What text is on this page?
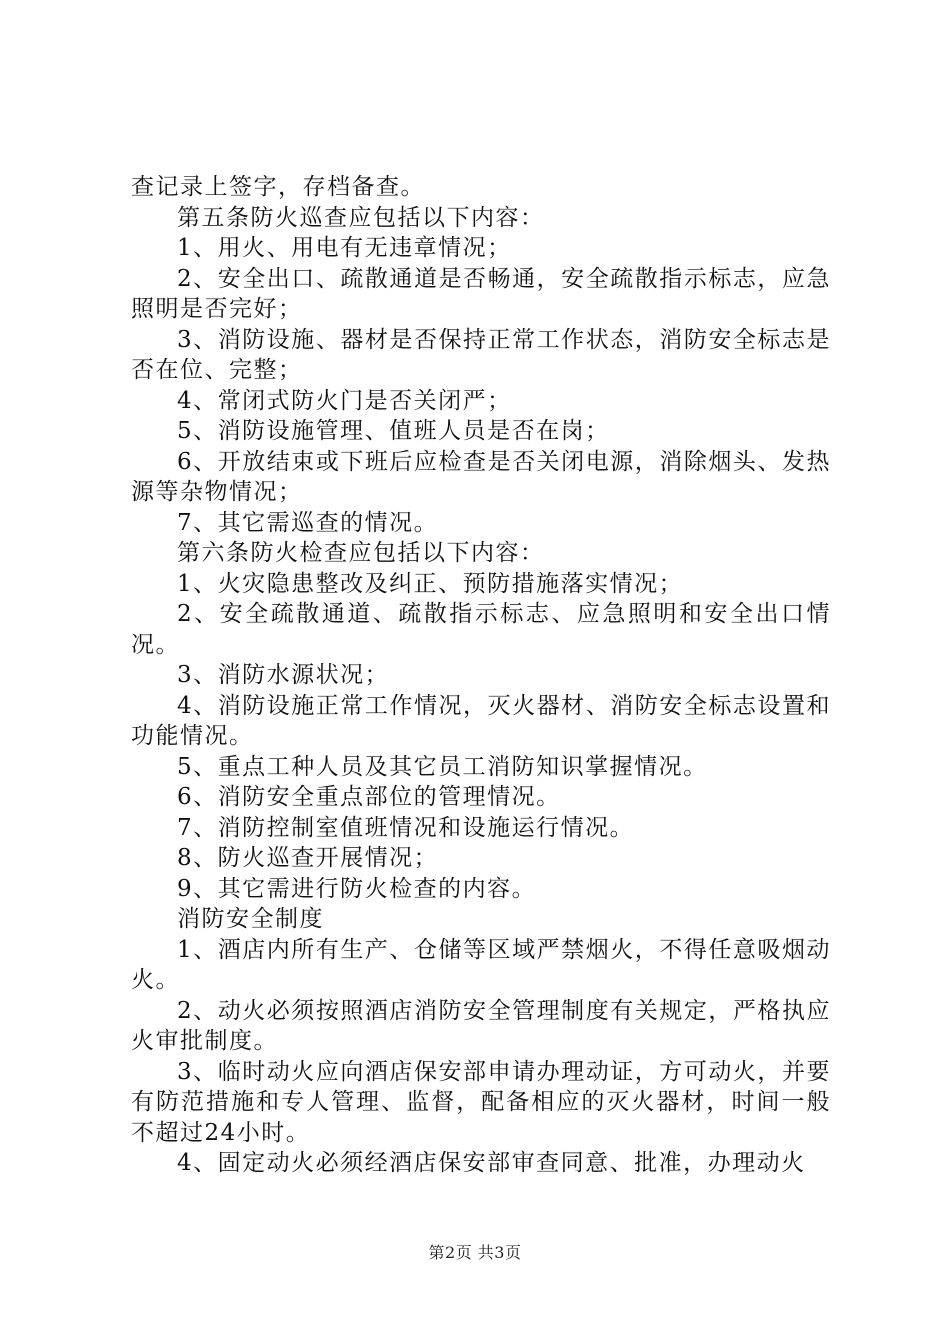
查记录上签字，存档备查。

第五条防火巡查应包括以下内容：

1、用火、用电有无违章情况；

2、安全出口、疏散通道是否畅通，安全疏散指示标志，应急照明是否完好；

3、消防设施、器材是否保持正常工作状态，消防安全标志是否在位、完整；

4、常闭式防火门是否关闭严；

5、消防设施管理、值班人员是否在岗；

6、开放结束或下班后应检查是否关闭电源，消除烟头、发热源等杂物情况；

7、其它需巡查的情况。

第六条防火检查应包括以下内容：

1、火灾隐患整改及纠正、预防措施落实情况；

2、安全疏散通道、疏散指示标志、应急照明和安全出口情况。

3、消防水源状况；

4、消防设施正常工作情况，灭火器材、消防安全标志设置和功能情况。

5、重点工种人员及其它员工消防知识掌握情况。

6、消防安全重点部位的管理情况。

7、消防控制室值班情况和设施运行情况。

8、防火巡查开展情况；

9、其它需进行防火检查的内容。

消防安全制度

1、酒店内所有生产、仓储等区域严禁烟火，不得任意吸烟动火。

2、动火必须按照酒店消防安全管理制度有关规定，严格执应火审批制度。

3、临时动火应向酒店保安部申请办理动证，方可动火，并要有防范措施和专人管理、监督，配备相应的灭火器材，时间一般不超过24小时。

4、固定动火必须经酒店保安部审查同意、批准，办理动火

第2页 共3页
